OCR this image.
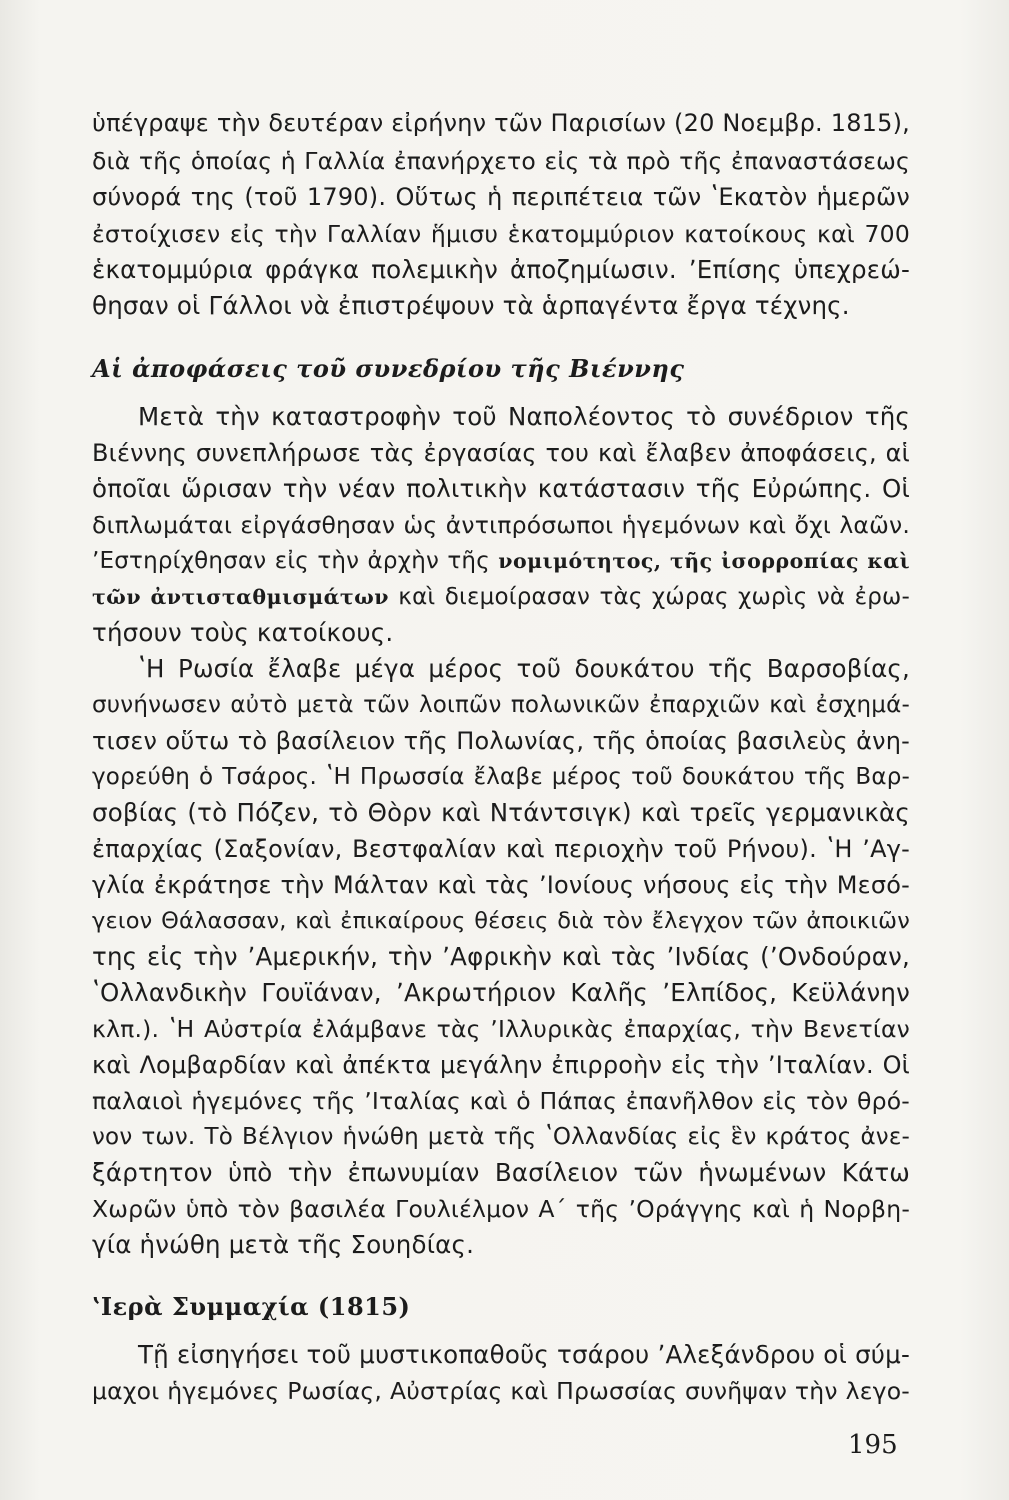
ὑπέγραψε τὴν δευτέραν εἰρήνην τῶν Παρισίων (20 Νοεμβρ. 1815),
διὰ τῆς ὁποίας ἡ Γαλλία ἐπανήρχετο εἰς τὰ πρὸ τῆς ἐπαναστάσεως
σύνορά της (τοῦ 1790). Οὕτως ἡ περιπέτεια τῶν ʽΕκατὸν ἡμερῶν
ἐστοίχισεν εἰς τὴν Γαλλίαν ἥμισυ ἑκατομμύριον κατοίκους καὶ 700
ἑκατομμύρια φράγκα πολεμικὴν ἀποζημίωσιν. ʼΕπίσης ὑπεχρεώ-
θησαν οἱ Γάλλοι νὰ ἐπιστρέψουν τὰ ἁρπαγέντα ἔργα τέχνης.
Αἱ ἀποφάσεις τοῦ συνεδρίου τῆς Βιέννης
Μετὰ τὴν καταστροφὴν τοῦ Ναπολέοντος τὸ συνέδριον τῆς
Βιέννης συνεπλήρωσε τὰς ἐργασίας του καὶ ἔλαβεν ἀποφάσεις, αἱ
ὁποῖαι ὥρισαν τὴν νέαν πολιτικὴν κατάστασιν τῆς Εὐρώπης. Οἱ
διπλωμάται εἰργάσθησαν ὡς ἀντιπρόσωποι ἡγεμόνων καὶ ὄχι λαῶν.
ʼΕστηρίχθησαν εἰς τὴν ἀρχὴν τῆς νομιμότητος, τῆς ἰσορροπίας καὶ
τῶν ἀντισταθμισμάτων καὶ διεμοίρασαν τὰς χώρας χωρὶς νὰ ἐρω-
τήσουν τοὺς κατοίκους.
ʽΗ Ρωσία ἔλαβε μέγα μέρος τοῦ δουκάτου τῆς Βαρσοβίας,
συνήνωσεν αὐτὸ μετὰ τῶν λοιπῶν πολωνικῶν ἐπαρχιῶν καὶ ἐσχημά-
τισεν οὕτω τὸ βασίλειον τῆς Πολωνίας, τῆς ὁποίας βασιλεὺς ἀνη-
γορεύθη ὁ Τσάρος. ʽΗ Πρωσσία ἔλαβε μέρος τοῦ δουκάτου τῆς Βαρ-
σοβίας (τὸ Πόζεν, τὸ Θὸρν καὶ Ντάντσιγκ) καὶ τρεῖς γερμανικὰς
ἐπαρχίας (Σαξονίαν, Βεστφαλίαν καὶ περιοχὴν τοῦ Ρήνου). ʽΗ ʼΑγ-
γλία ἐκράτησε τὴν Μάλταν καὶ τὰς ʼΙονίους νήσους εἰς τὴν Μεσό-
γειον Θάλασσαν, καὶ ἐπικαίρους θέσεις διὰ τὸν ἔλεγχον τῶν ἀποικιῶν
της εἰς τὴν ʼΑμερικήν, τὴν ʼΑφρικὴν καὶ τὰς ʼΙνδίας (ʼΟνδούραν,
ʽΟλλανδικὴν Γουϊάναν, ʼΑκρωτήριον Καλῆς ʼΕλπίδος, Κεϋλάνην
κλπ.). ʽΗ Αὐστρία ἐλάμβανε τὰς ʼΙλλυρικὰς ἐπαρχίας, τὴν Βενετίαν
καὶ Λομβαρδίαν καὶ ἀπέκτα μεγάλην ἐπιρροὴν εἰς τὴν ʼΙταλίαν. Οἱ
παλαιοὶ ἡγεμόνες τῆς ʼΙταλίας καὶ ὁ Πάπας ἐπανῆλθον εἰς τὸν θρό-
νον των. Τὸ Βέλγιον ἡνώθη μετὰ τῆς ʽΟλλανδίας εἰς ἓν κράτος ἀνε-
ξάρτητον ὑπὸ τὴν ἐπωνυμίαν Βασίλειον τῶν ἡνωμένων Κάτω
Χωρῶν ὑπὸ τὸν βασιλέα Γουλιέλμον Α΄ τῆς ʼΟράγγης καὶ ἡ Νορβη-
γία ἡνώθη μετὰ τῆς Σουηδίας.
ʽΙερὰ Συμμαχία (1815)
Τῇ εἰσηγήσει τοῦ μυστικοπαθοῦς τσάρου ʼΑλεξάνδρου οἱ σύμ-
μαχοι ἡγεμόνες Ρωσίας, Αὐστρίας καὶ Πρωσσίας συνῆψαν τὴν λεγο-
195
